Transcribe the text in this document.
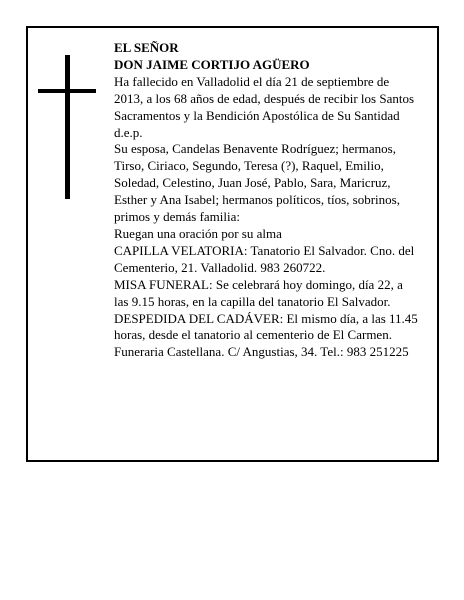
EL SEÑOR

DON JAIME CORTIJO AGÜERO

Ha fallecido en Valladolid el día 21 de septiembre de 2013, a los 68 años de edad, después de recibir los Santos Sacramentos y la Bendición Apostólica de Su Santidad

d.e.p.

Su esposa, Candelas Benavente Rodríguez; hermanos, Tirso, Ciriaco, Segundo, Teresa (?), Raquel, Emilio, Soledad, Celestino, Juan José, Pablo, Sara, Maricruz, Esther y Ana Isabel; hermanos políticos, tíos, sobrinos, primos y demás familia:

Ruegan una oración por su alma

CAPILLA VELATORIA: Tanatorio El Salvador. Cno. del Cementerio, 21. Valladolid. 983 260722.

MISA FUNERAL: Se celebrará hoy domingo, día 22, a las 9.15 horas, en la capilla del tanatorio El Salvador.

DESPEDIDA DEL CADÁVER: El mismo día, a las 11.45 horas, desde el tanatorio al cementerio de El Carmen.

Funeraria Castellana. C/ Angustias, 34. Tel.: 983 251225
